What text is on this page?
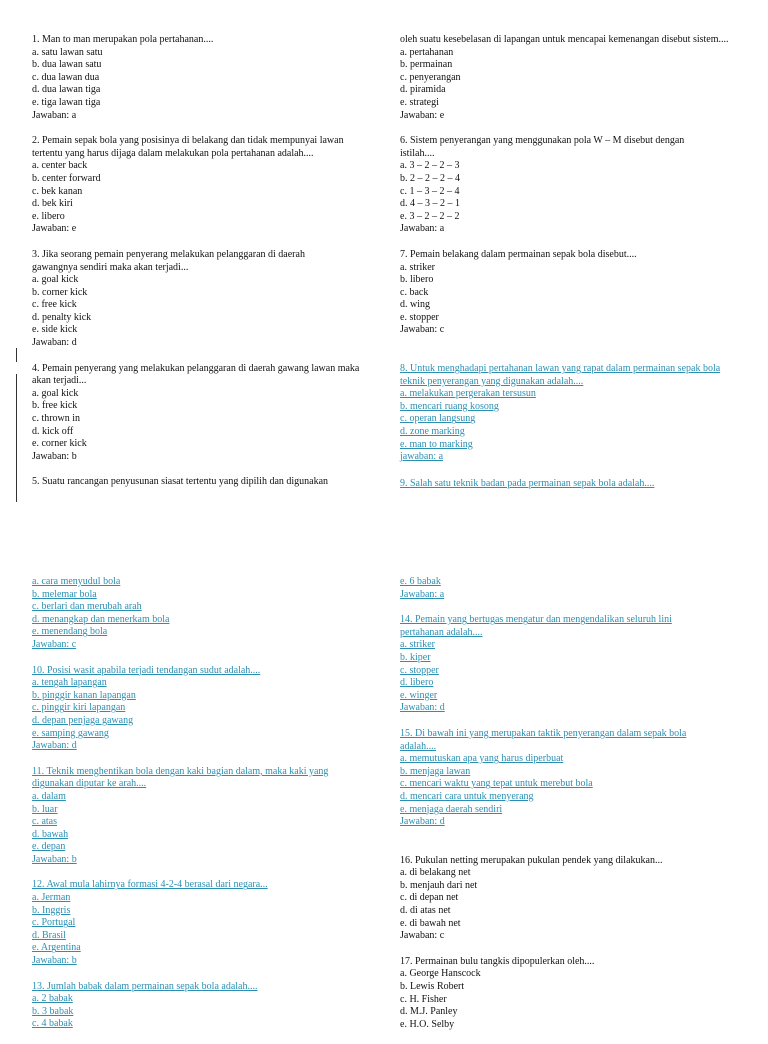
1. Man to man merupakan pola pertahanan....
a. satu lawan satu
b. dua lawan satu
c. dua lawan dua
d. dua lawan tiga
e. tiga lawan tiga
Jawaban: a
2. Pemain sepak bola yang posisinya di belakang dan tidak mempunyai lawan tertentu yang harus dijaga dalam melakukan pola pertahanan adalah....
a. center back
b. center forward
c. bek kanan
d. bek kiri
e. libero
Jawaban: e
3. Jika seorang pemain penyerang melakukan pelanggaran di daerah gawangnya sendiri maka akan terjadi...
a. goal kick
b. corner kick
c. free kick
d. penalty kick
e. side kick
Jawaban: d
4. Pemain penyerang yang melakukan pelanggaran di daerah gawang lawan maka akan terjadi...
a. goal kick
b. free kick
c. thrown in
d. kick off
e. corner kick
Jawaban: b
5. Suatu rancangan penyusunan siasat tertentu yang dipilih dan digunakan
oleh suatu kesebelasan di lapangan untuk mencapai kemenangan disebut sistem....
a. pertahanan
b. permainan
c. penyerangan
d. piramida
e. strategi
Jawaban: e
6. Sistem penyerangan yang menggunakan pola W – M disebut dengan istilah....
a. 3 – 2 – 2 – 3
b. 2 – 2 – 2 – 4
c. 1 – 3 – 2 – 4
d. 4 – 3 – 2 – 1
e. 3 – 2 – 2 – 2
Jawaban: a
7. Pemain belakang dalam permainan sepak bola disebut....
a. striker
b. libero
c. back
d. wing
e. stopper
Jawaban: c
8. Untuk menghadapi pertahanan lawan yang rapat dalam permainan sepak bola teknik penyerangan yang digunakan adalah....
a. melakukan pergerakan tersusun
b. mencari ruang kosong
c. operan langsung
d. zone marking
e. man to marking
jawaban: a
9. Salah satu teknik badan pada permainan sepak bola adalah....
a. cara menyudul bola
b. melemar bola
c. berlari dan merubah arah
d. menangkap dan menerkam bola
e. menendang bola
Jawaban: c
10. Posisi wasit apabila terjadi tendangan sudut adalah....
a. tengah lapangan
b. pinggir kanan lapangan
c. pinggir kiri lapangan
d. depan penjaga gawang
e. samping gawang
Jawaban: d
11. Teknik menghentikan bola dengan kaki bagian dalam, maka kaki yang digunakan diputar ke arah....
a. dalam
b. luar
c. atas
d. bawah
e. depan
Jawaban: b
12. Awal mula lahirnya formasi 4-2-4 berasal dari negara...
a. Jerman
b. Inggris
c. Portugal
d. Brasil
e. Argentina
Jawaban: b
13. Jumlah babak dalam permainan sepak bola adalah....
a. 2 babak
b. 3 babak
c. 4 babak
e. 6 babak
Jawaban: a
14. Pemain yang bertugas mengatur dan mengendalikan seluruh lini pertahanan adalah....
a. striker
b. kiper
c. stopper
d. libero
e. winger
Jawaban: d
15. Di bawah ini yang merupakan taktik penyerangan dalam sepak bola adalah....
a. memutuskan apa yang harus diperbuat
b. menjaga lawan
c. mencari waktu yang tepat untuk merebut bola
d. mencari cara untuk menyerang
e. menjaga daerah sendiri
Jawaban: d
16. Pukulan netting merupakan pukulan pendek yang dilakukan...
a. di belakang net
b. menjauh dari net
c. di depan net
d. di atas net
e. di bawah net
Jawaban: c
17. Permainan bulu tangkis dipopulerkan oleh....
a. George Hanscock
b. Lewis Robert
c. H. Fisher
d. M.J. Panley
e. H.O. Selby
